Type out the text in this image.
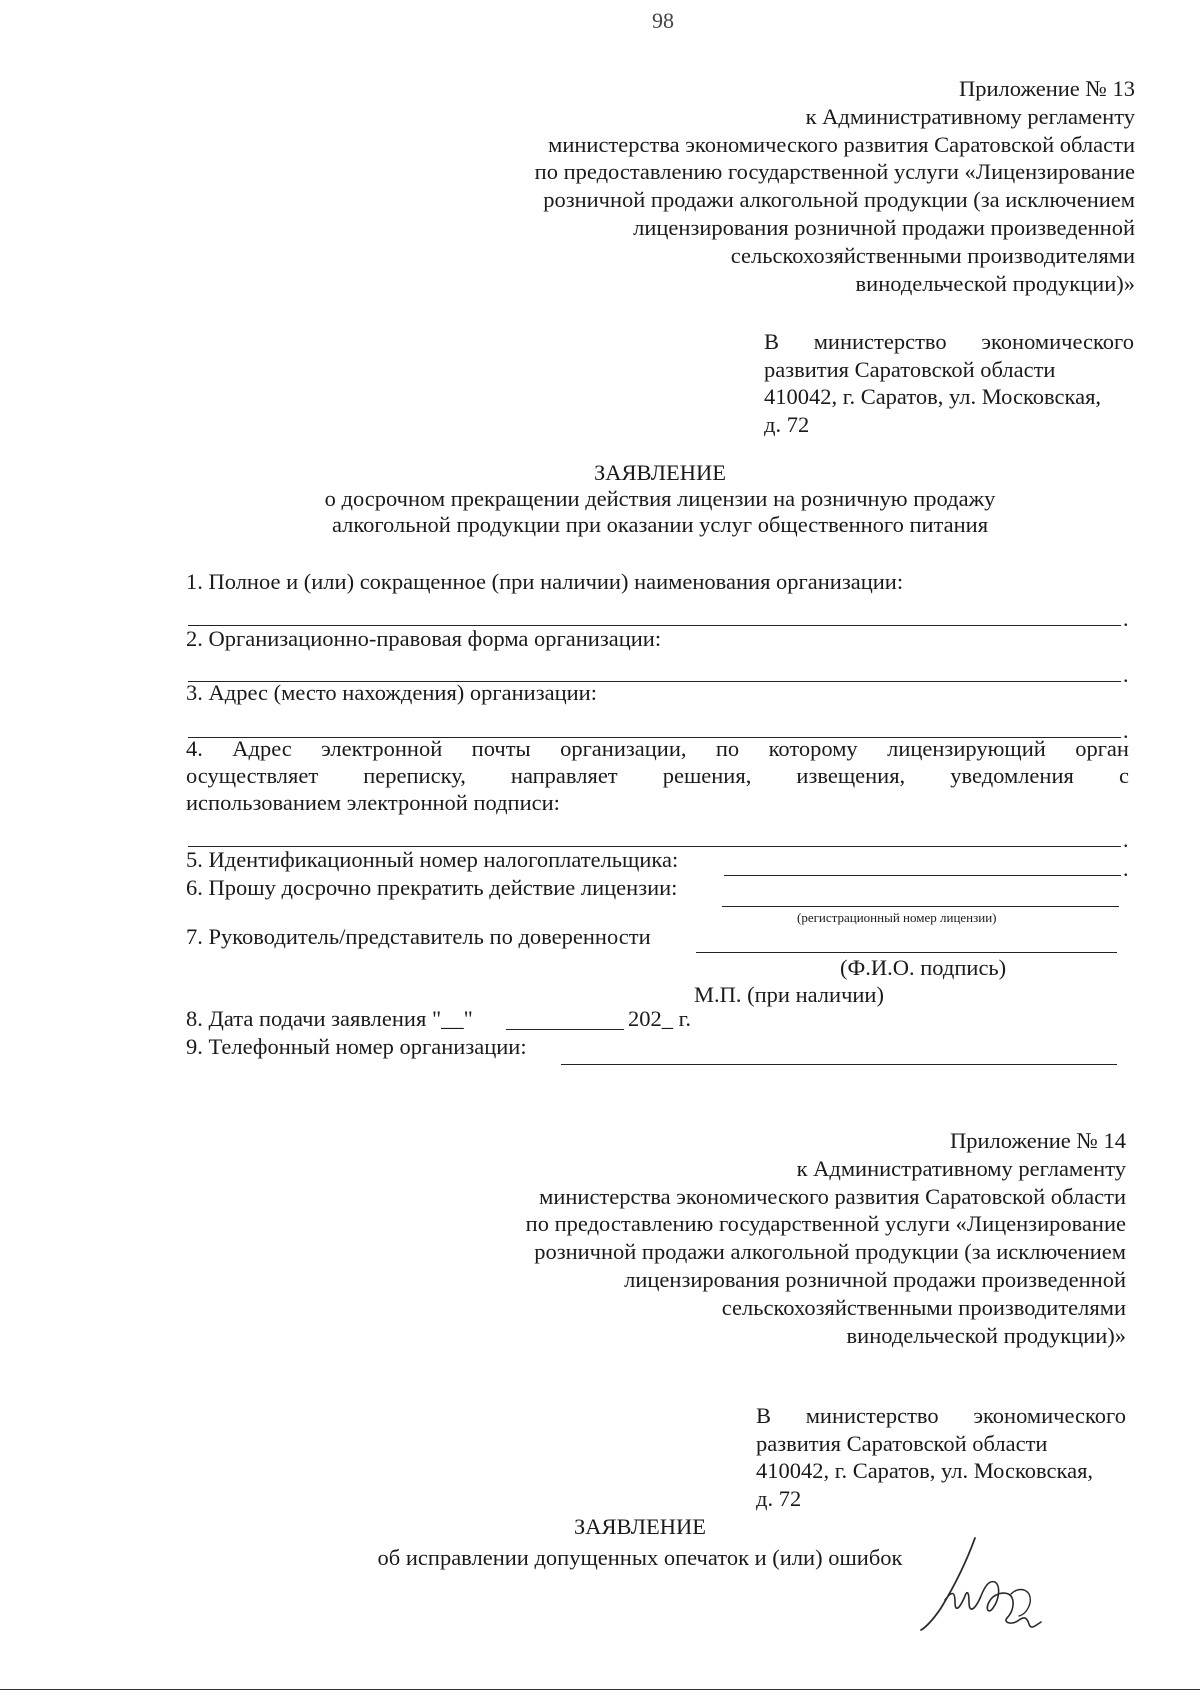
98
Приложение № 13
к Административному регламенту
министерства экономического развития Саратовской области
по предоставлению государственной услуги «Лицензирование
розничной продажи алкогольной продукции (за исключением
лицензирования розничной продажи произведенной
сельскохозяйственными производителями
винодельческой продукции)»
В министерство экономического
развития Саратовской области
410042, г. Саратов, ул. Московская,
д. 72
ЗАЯВЛЕНИЕ
о досрочном прекращении действия лицензии на розничную продажу
алкогольной продукции при оказании услуг общественного питания
1. Полное и (или) сокращенное (при наличии) наименования организации:
.
2. Организационно-правовая форма организации:
.
3. Адрес (место нахождения) организации:
.
4. Адрес электронной почты организации, по которому лицензирующий орган
осуществляет переписку, направляет решения, извещения, уведомления с
использованием электронной подписи:
.
5. Идентификационный номер налогоплательщика:	.
6. Прошу досрочно прекратить действие лицензии:
(регистрационный номер лицензии)
7. Руководитель/представитель по доверенности
(Ф.И.О. подпись)
М.П. (при наличии)
8. Дата подачи заявления "__"	202_ г.
9. Телефонный номер организации:
Приложение № 14
к Административному регламенту
министерства экономического развития Саратовской области
по предоставлению государственной услуги «Лицензирование
розничной продажи алкогольной продукции (за исключением
лицензирования розничной продажи произведенной
сельскохозяйственными производителями
винодельческой продукции)»
В министерство экономического
развития Саратовской области
410042, г. Саратов, ул. Московская,
д. 72
ЗАЯВЛЕНИЕ
об исправлении допущенных опечаток и (или) ошибок
